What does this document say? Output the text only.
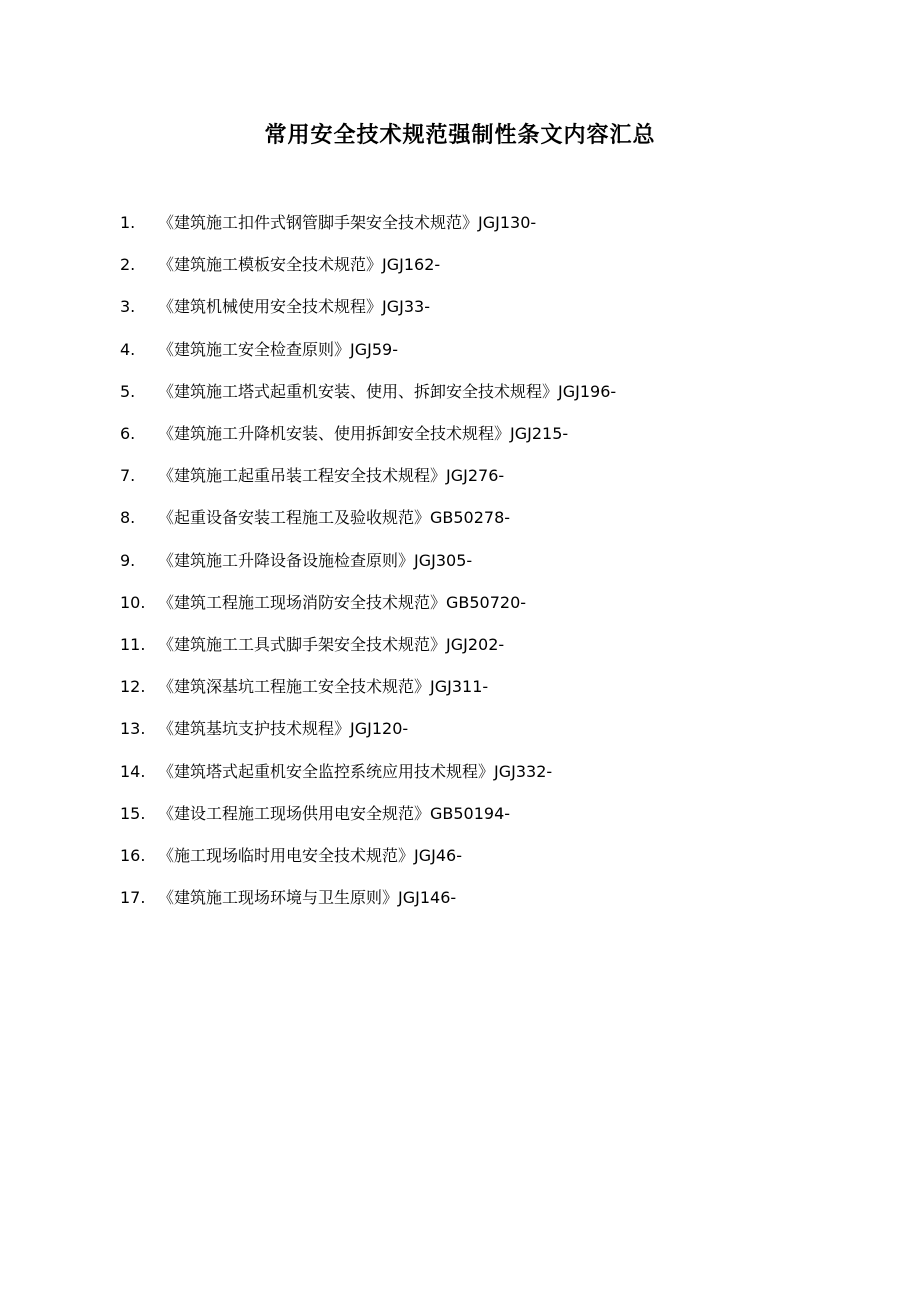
常用安全技术规范强制性条文内容汇总
1.	《建筑施工扣件式钢管脚手架安全技术规范》JGJ130-
2.	《建筑施工模板安全技术规范》JGJ162-
3.	《建筑机械使用安全技术规程》JGJ33-
4.	《建筑施工安全检查原则》JGJ59-
5.	《建筑施工塔式起重机安装、使用、拆卸安全技术规程》JGJ196-
6.	《建筑施工升降机安装、使用拆卸安全技术规程》JGJ215-
7.	《建筑施工起重吊装工程安全技术规程》JGJ276-
8.	《起重设备安装工程施工及验收规范》GB50278-
9.	《建筑施工升降设备设施检查原则》JGJ305-
10. 《建筑工程施工现场消防安全技术规范》GB50720-
11. 《建筑施工工具式脚手架安全技术规范》JGJ202-
12. 《建筑深基坑工程施工安全技术规范》JGJ311-
13. 《建筑基坑支护技术规程》JGJ120-
14. 《建筑塔式起重机安全监控系统应用技术规程》JGJ332-
15. 《建设工程施工现场供用电安全规范》GB50194-
16. 《施工现场临时用电安全技术规范》JGJ46-
17. 《建筑施工现场环境与卫生原则》JGJ146-
